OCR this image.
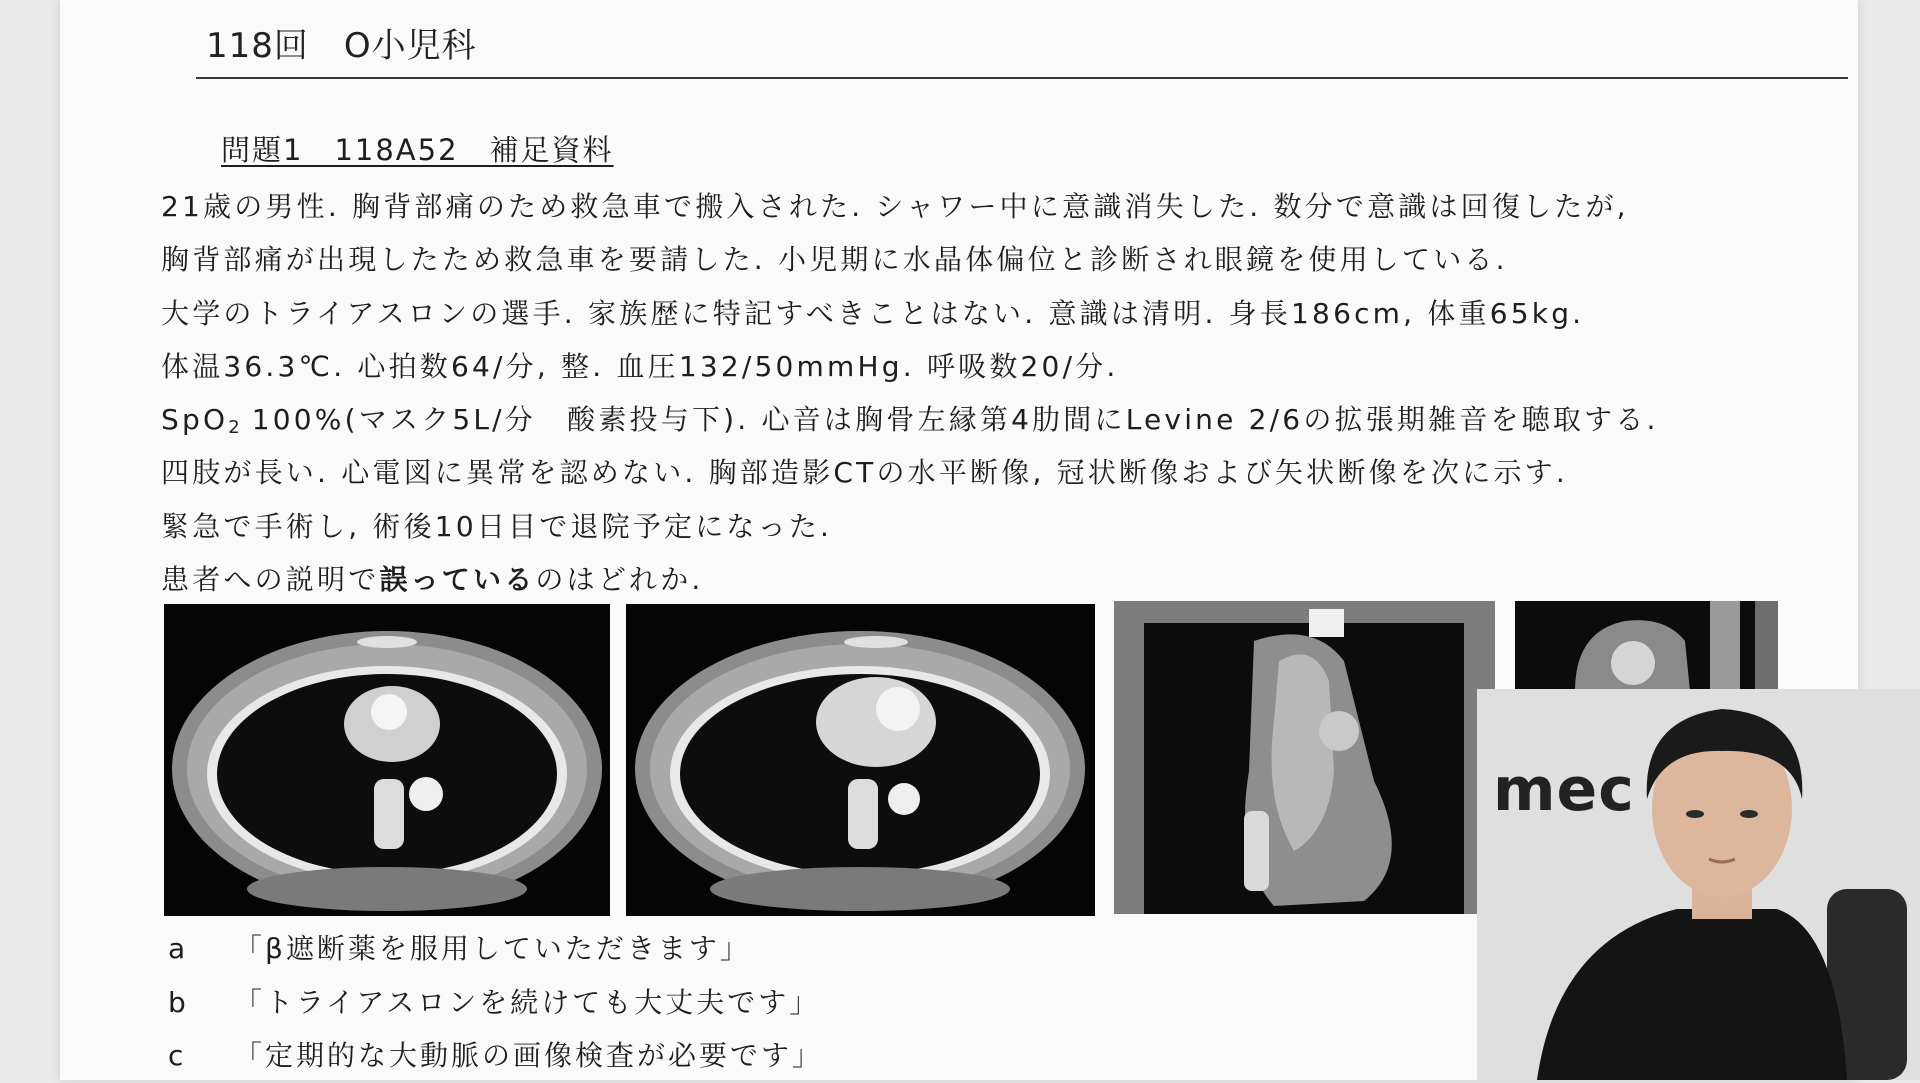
118回　O小児科
問題1　118A52　補足資料
21歳の男性. 胸背部痛のため救急車で搬入された. シャワー中に意識消失した. 数分で意識は回復したが,
胸背部痛が出現したため救急車を要請した. 小児期に水晶体偏位と診断され眼鏡を使用している.
大学のトライアスロンの選手. 家族歴に特記すべきことはない. 意識は清明. 身長186cm, 体重65kg.
体温36.3℃. 心拍数64/分, 整. 血圧132/50mmHg. 呼吸数20/分.
SpO$_2$ 100%(マスク5L/分　酸素投与下). 心音は胸骨左縁第4肋間にLevine 2/6の拡張期雑音を聴取する.
四肢が長い. 心電図に異常を認めない. 胸部造影CTの水平断像, 冠状断像および矢状断像を次に示す.
緊急で手術し, 術後10日目で退院予定になった.
患者への説明で誤っているのはどれか.
a 「β遮断薬を服用していただきます」
b 「トライアスロンを続けても大丈夫です」
c 「定期的な大動脈の画像検査が必要です」
mec
